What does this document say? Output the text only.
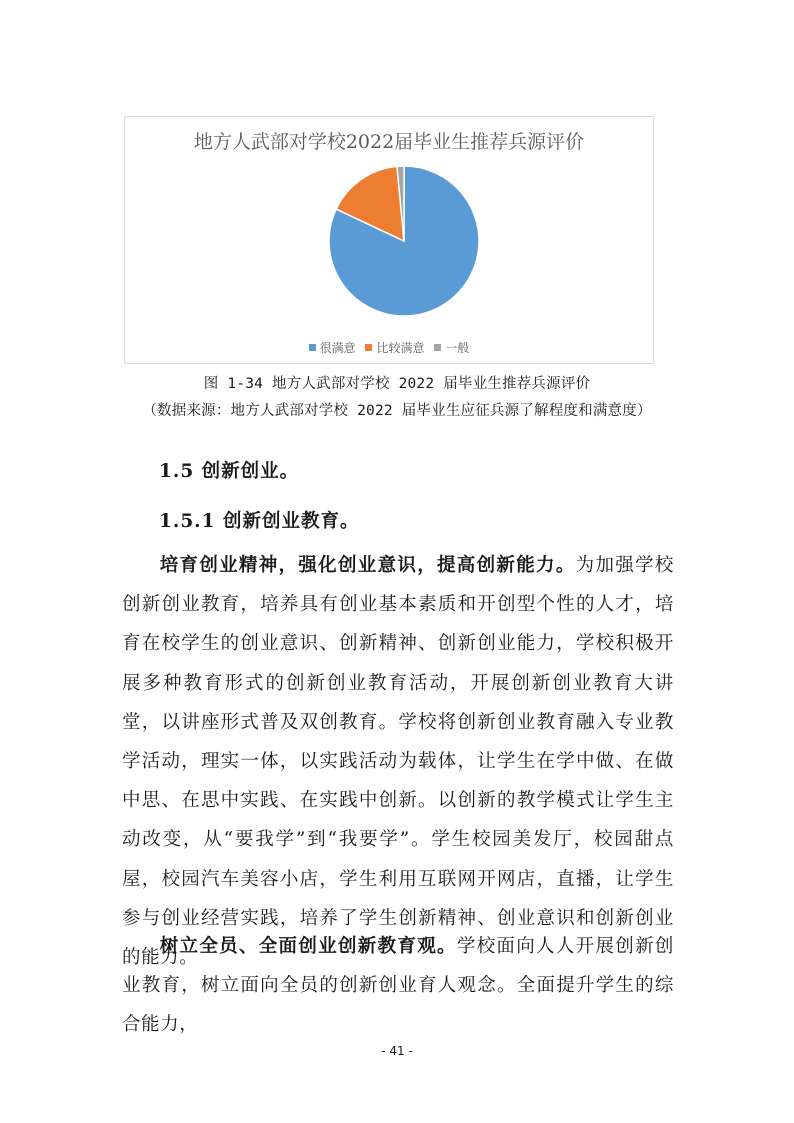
地方人武部对学校2022届毕业生推荐兵源评价
很满意 比较满意 一般
图 1-34 地方人武部对学校 2022 届毕业生推荐兵源评价
（数据来源：地方人武部对学校 2022 届毕业生应征兵源了解程度和满意度）
1.5 创新创业。
1.5.1 创新创业教育。

培育创业精神，强化创业意识，提高创新能力。为加强学校创新创业教育，培养具有创业基本素质和开创型个性的人才，培育在校学生的创业意识、创新精神、创新创业能力，学校积极开展多种教育形式的创新创业教育活动，开展创新创业教育大讲堂，以讲座形式普及双创教育。学校将创新创业教育融入专业教学活动，理实一体，以实践活动为载体，让学生在学中做、在做中思、在思中实践、在实践中创新。以创新的教学模式让学生主动改变，从“要我学”到“我要学”。学生校园美发厅，校园甜点屋，校园汽车美容小店，学生利用互联网开网店，直播，让学生参与创业经营实践，培养了学生创新精神、创业意识和创新创业的能力。

树立全员、全面创业创新教育观。学校面向人人开展创新创业教育，树立面向全员的创新创业育人观念。全面提升学生的综合能力，

- 41 -
